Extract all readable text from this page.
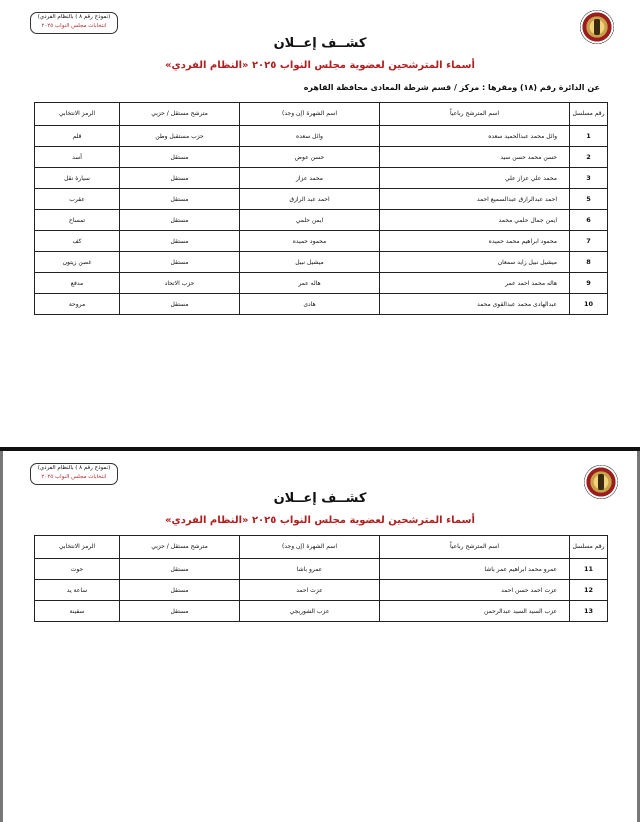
(نموذج رقم ٨ ) بالنظام الفردي)
انتخابات مجلس النواب ٢٠٢٥
كشــف إعــلان
أسماء المترشحين لعضوية مجلس النواب ٢٠٢٥ «النظام الفردي»
عن الدائرة رقم (١٨) ومقرها : مركز / قسم شرطة المعادى محافظة القاهره
رقم مسلسل	اسم المترشح رباعياً	اسم الشهرة (إن وجد)	مترشح مستقل / حزبي	الرمز الانتخابي
1	وائل محمد عبدالحميد سعده	وائل سعده	حزب مستقبل وطن	قلم
2	حسن محمد حسن سيد	حسن عوض	مستقل	أسد
3	محمد علي عزاز علي	محمد عزاز	مستقل	سيارة نقل
5	احمد عبدالرازق عبدالسميع احمد	احمد عبد الرازق	مستقل	عقرب
6	ايمن جمال حلمي محمد	ايمن حلمي	مستقل	تمساح
7	محمود ابراهيم محمد حميده	محمود حميده	مستقل	كف
8	ميشيل نبيل زايد سمعان	ميشيل نبيل	مستقل	غصن زيتون
9	هاله محمد احمد عمر	هاله عمر	حزب الاتحاد	مدفع
10	عبدالهادى محمد عبدالقوى محمد	هادى	مستقل	مروحة
(نموذج رقم ٨ ) بالنظام الفردي)
انتخابات مجلس النواب ٢٠٢٥
كشــف إعــلان
أسماء المترشحين لعضوية مجلس النواب ٢٠٢٥ «النظام الفردي»
رقم مسلسل	اسم المترشح رباعياً	اسم الشهرة (إن وجد)	مترشح مستقل / حزبي	الرمز الانتخابي
11	عمرو محمد ابراهيم عمر باشا	عمرو باشا	مستقل	حوت
12	عزت احمد حسن احمد	عزت احمد	مستقل	ساعة يد
13	عزب السيد السيد عبدالرحمن	عزب الشوربجي	مستقل	سفينة
